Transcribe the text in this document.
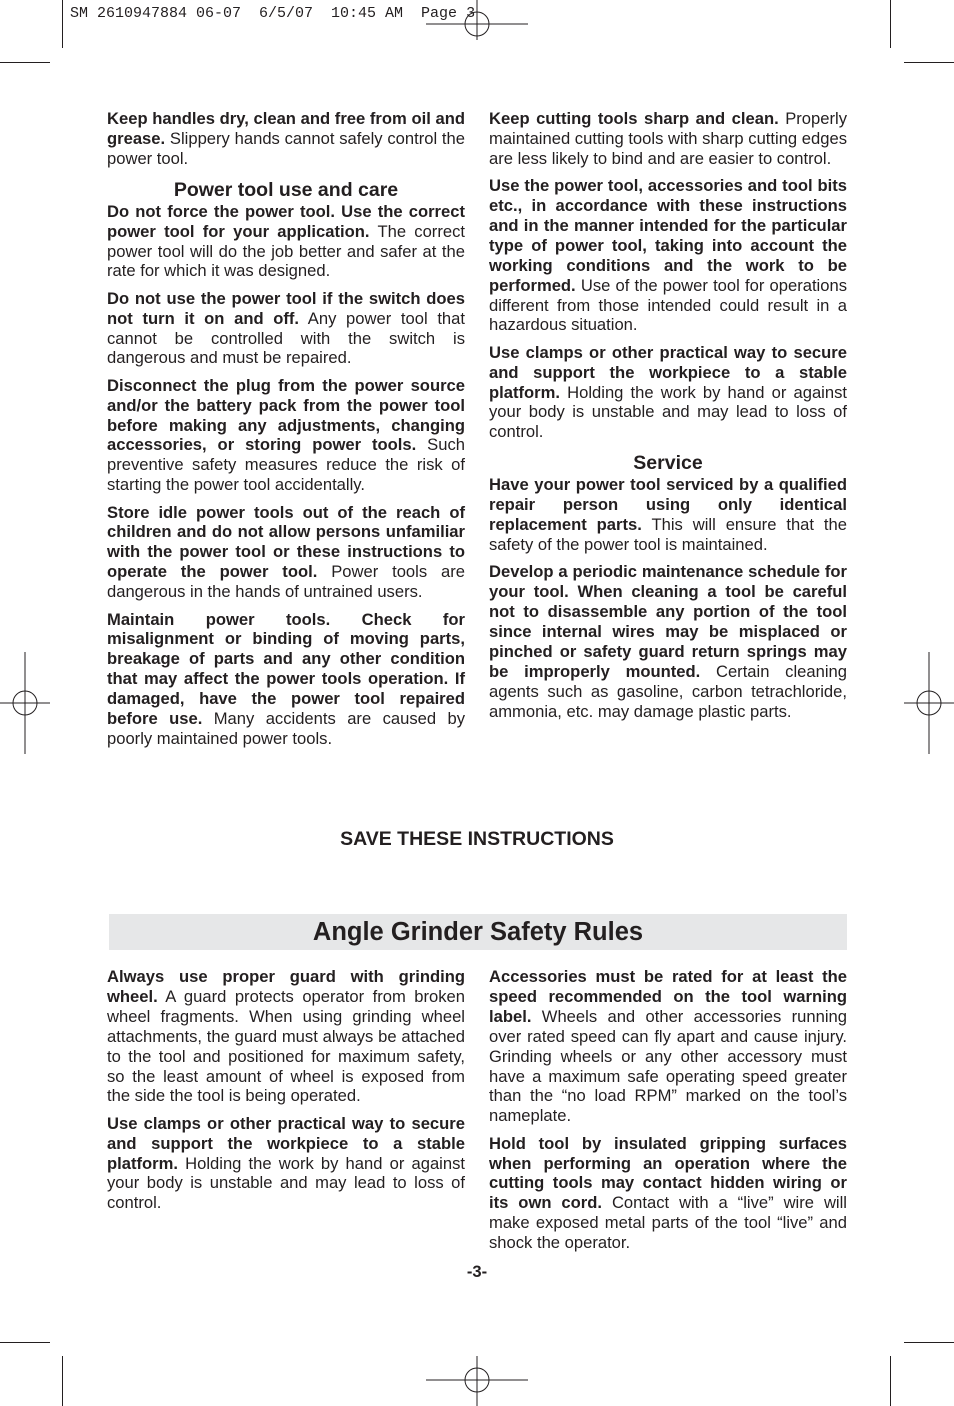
SM 2610947884 06-07  6/5/07  10:45 AM  Page 3

Keep handles dry, clean and free from oil and grease. Slippery hands cannot safely control the power tool.

Power tool use and care

Do not force the power tool. Use the correct power tool for your application. The correct power tool will do the job better and safer at the rate for which it was designed.

Do not use the power tool if the switch does not turn it on and off. Any power tool that cannot be controlled with the switch is dangerous and must be repaired.

Disconnect the plug from the power source and/or the battery pack from the power tool before making any adjustments, changing accessories, or storing power tools. Such preventive safety measures reduce the risk of starting the power tool accidentally.

Store idle power tools out of the reach of children and do not allow persons unfamiliar with the power tool or these instructions to operate the power tool. Power tools are dangerous in the hands of untrained users.

Maintain power tools. Check for misalignment or binding of moving parts, breakage of parts and any other condition that may affect the power tools operation. If damaged, have the power tool repaired before use. Many accidents are caused by poorly maintained power tools.

Keep cutting tools sharp and clean. Properly maintained cutting tools with sharp cutting edges are less likely to bind and are easier to control.

Use the power tool, accessories and tool bits etc., in accordance with these instructions and in the manner intended for the particular type of power tool, taking into account the working conditions and the work to be performed. Use of the power tool for operations different from those intended could result in a hazardous situation.

Use clamps or other practical way to secure and support the workpiece to a stable platform. Holding the work by hand or against your body is unstable and may lead to loss of control.

Service

Have your power tool serviced by a qualified repair person using only identical replacement parts. This will ensure that the safety of the power tool is maintained.

Develop a periodic maintenance schedule for your tool. When cleaning a tool be careful not to disassemble any portion of the tool since internal wires may be misplaced or pinched or safety guard return springs may be improperly mounted. Certain cleaning agents such as gasoline, carbon tetrachloride, ammonia, etc. may damage plastic parts.

SAVE THESE INSTRUCTIONS
Angle Grinder Safety Rules

Always use proper guard with grinding wheel. A guard protects operator from broken wheel fragments. When using grinding wheel attachments, the guard must always be attached to the tool and positioned for maximum safety, so the least amount of wheel is exposed from the side the tool is being operated.

Use clamps or other practical way to secure and support the workpiece to a stable platform. Holding the work by hand or against your body is unstable and may lead to loss of control.

Accessories must be rated for at least the speed recommended on the tool warning label. Wheels and other accessories running over rated speed can fly apart and cause injury. Grinding wheels or any other accessory must have a maximum safe operating speed greater than the “no load RPM” marked on the tool’s nameplate.

Hold tool by insulated gripping surfaces when performing an operation where the cutting tools may contact hidden wiring or its own cord. Contact with a “live” wire will make exposed metal parts of the tool “live” and shock the operator.

-3-
